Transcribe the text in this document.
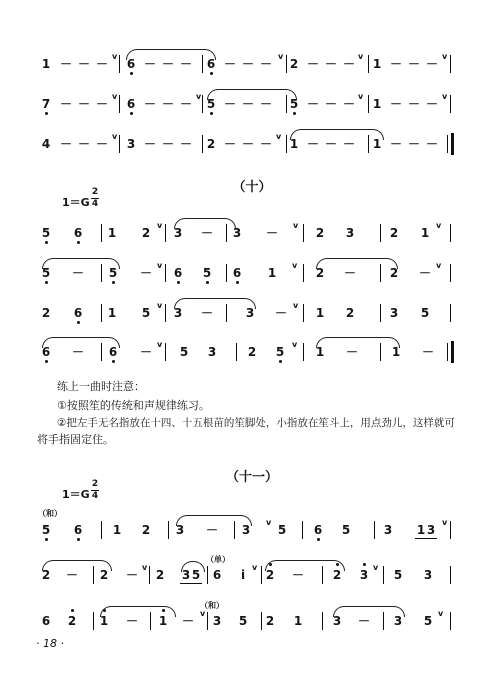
1 － － －
v
6 － － － 6 － － －
v
2 － － －
v
1 － － －
v
7 － － －
v
6 － － －
v
5 － － － 5 － － －
v
1 － － －
v
4 － － －
v
3 － － － 2 － － －
v
1 － － － 1 － － －
（十）
1＝G
2
4
5 6 1 2
v
3 － 3 －
v
2 3	2 1
v
5 － 5 －
v
6 5 6 1
v
2 －	2 －
v
2 6 1 5
v
3 －	3 －
v
1 2	3 5
6 － 6 －
v
5 3	2 5
v
1 －	1 －
练上一曲时注意：
①按照笙的传统和声规律练习。
②把左手无名指放在十四、十五根苗的笙脚处，小指放在笙斗上，用点劲儿，这样就可
将手指固定住。
（十一）
1＝G
2
4
（和）
5 6	1 2 3 － 3
v
5 6 5	3 1 3
v
（单）
2 － 2 －
v
2 3 5 6	i
v
2 － 2 3
v
5 3
（和）
6 2 1 － 1 －
v
3 5 2 1	3 － 3 5
v
· 18 ·
